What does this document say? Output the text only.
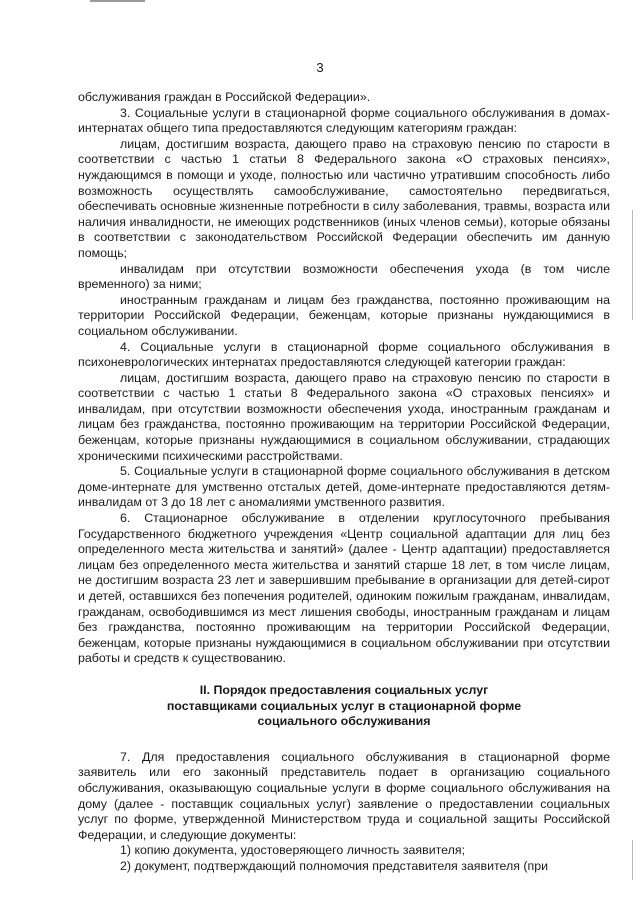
3

обслуживания граждан в Российской Федерации».

3. Социальные услуги в стационарной форме социального обслуживания в домах-интернатах общего типа предоставляются следующим категориям граждан:

лицам, достигшим возраста, дающего право на страховую пенсию по старости в соответствии с частью 1 статьи 8 Федерального закона «О страховых пенсиях», нуждающимся в помощи и уходе, полностью или частично утратившим способность либо возможность осуществлять самообслуживание, самостоятельно передвигаться, обеспечивать основные жизненные потребности в силу заболевания, травмы, возраста или наличия инвалидности, не имеющих родственников (иных членов семьи), которые обязаны в соответствии с законодательством Российской Федерации обеспечить им данную помощь;

инвалидам при отсутствии возможности обеспечения ухода (в том числе временного) за ними;

иностранным гражданам и лицам без гражданства, постоянно проживающим на территории Российской Федерации, беженцам, которые признаны нуждающимися в социальном обслуживании.

4. Социальные услуги в стационарной форме социального обслуживания в психоневрологических интернатах предоставляются следующей категории граждан:

лицам, достигшим возраста, дающего право на страховую пенсию по старости в соответствии с частью 1 статьи 8 Федерального закона «О страховых пенсиях» и инвалидам, при отсутствии возможности обеспечения ухода, иностранным гражданам и лицам без гражданства, постоянно проживающим на территории Российской Федерации, беженцам, которые признаны нуждающимися в социальном обслуживании, страдающих хроническими психическими расстройствами.

5. Социальные услуги в стационарной форме социального обслуживания в детском доме-интернате для умственно отсталых детей, доме-интернате предоставляются детям-инвалидам от 3 до 18 лет с аномалиями умственного развития.

6. Стационарное обслуживание в отделении круглосуточного пребывания Государственного бюджетного учреждения «Центр социальной адаптации для лиц без определенного места жительства и занятий» (далее - Центр адаптации) предоставляется лицам без определенного места жительства и занятий старше 18 лет, в том числе лицам, не достигшим возраста 23 лет и завершившим пребывание в организации для детей-сирот и детей, оставшихся без попечения родителей, одиноким пожилым гражданам, инвалидам, гражданам, освободившимся из мест лишения свободы, иностранным гражданам и лицам без гражданства, постоянно проживающим на территории Российской Федерации, беженцам, которые признаны нуждающимися в социальном обслуживании при отсутствии работы и средств к существованию.

II. Порядок предоставления социальных услуг
поставщиками социальных услуг в стационарной форме
социального обслуживания

7. Для предоставления социального обслуживания в стационарной форме заявитель или его законный представитель подает в организацию социального обслуживания, оказывающую социальные услуги в форме социального обслуживания на дому (далее - поставщик социальных услуг) заявление о предоставлении социальных услуг по форме, утвержденной Министерством труда и социальной защиты Российской Федерации, и следующие документы:

1) копию документа, удостоверяющего личность заявителя;

2) документ, подтверждающий полномочия представителя заявителя (при
